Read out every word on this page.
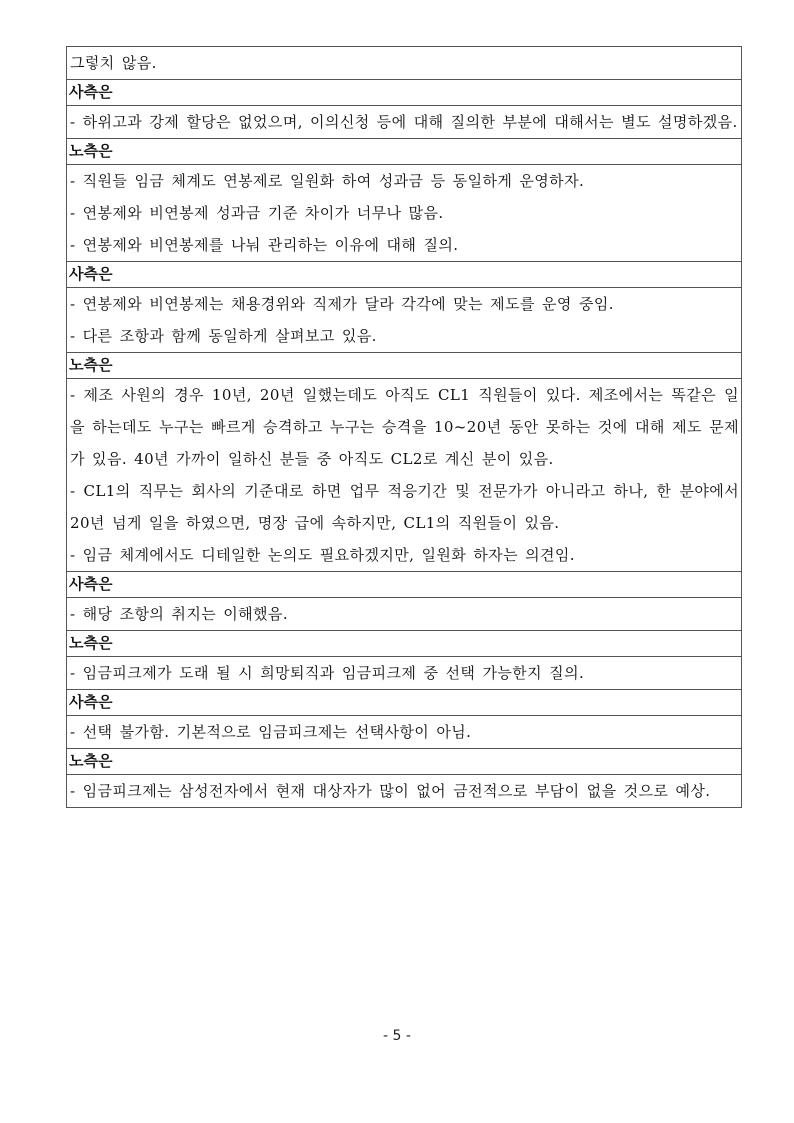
그렇치 않음.

사측은

- 하위고과 강제 할당은 없었으며, 이의신청 등에 대해 질의한 부분에 대해서는 별도 설명하겠음.

노측은

- 직원들 임금 체계도 연봉제로 일원화 하여 성과금 등 동일하게 운영하자.
- 연봉제와 비연봉제 성과금 기준 차이가 너무나 많음.
- 연봉제와 비연봉제를 나눠 관리하는 이유에 대해 질의.

사측은

- 연봉제와 비연봉제는 채용경위와 직제가 달라 각각에 맞는 제도를 운영 중임.
- 다른 조항과 함께 동일하게 살펴보고 있음.

노측은

- 제조 사원의 경우 10년, 20년 일했는데도 아직도 CL1 직원들이 있다. 제조에서는 똑같은 일을 하는데도 누구는 빠르게 승격하고 누구는 승격을 10~20년 동안 못하는 것에 대해 제도 문제가 있음. 40년 가까이 일하신 분들 중 아직도 CL2로 계신 분이 있음.
- CL1의 직무는 회사의 기준대로 하면 업무 적응기간 및 전문가가 아니라고 하나, 한 분야에서 20년 넘게 일을 하였으면, 명장 급에 속하지만, CL1의 직원들이 있음.
- 임금 체계에서도 디테일한 논의도 필요하겠지만, 일원화 하자는 의견임.

사측은

- 해당 조항의 취지는 이해했음.

노측은

- 임금피크제가 도래 될 시 희망퇴직과 임금피크제 중 선택 가능한지 질의.

사측은

- 선택 불가함. 기본적으로 임금피크제는 선택사항이 아님.

노측은

- 임금피크제는 삼성전자에서 현재 대상자가 많이 없어 금전적으로 부담이 없을 것으로 예상.
- 5 -
